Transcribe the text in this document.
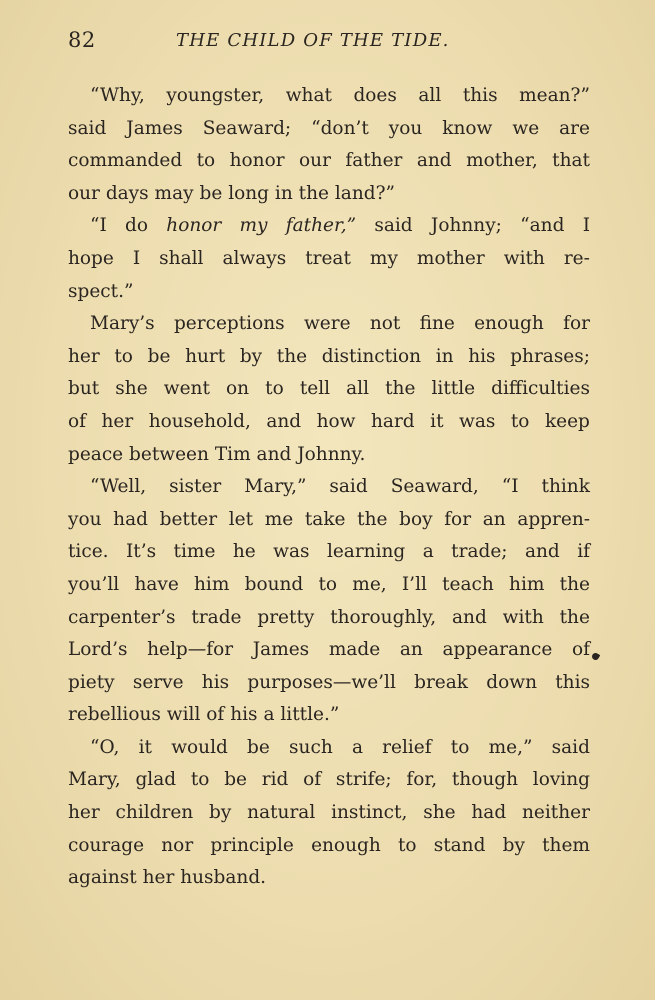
82	THE CHILD OF THE TIDE.
“Why, youngster, what does all this mean?”
said James Seaward; “don’t you know we are
commanded to honor our father and mother, that
our days may be long in the land?”
“I do honor my father,” said Johnny; “and I
hope I shall always treat my mother with re-
spect.”
Mary’s perceptions were not fine enough for
her to be hurt by the distinction in his phrases;
but she went on to tell all the little difficulties
of her household, and how hard it was to keep
peace between Tim and Johnny.
“Well, sister Mary,” said Seaward, “I think
you had better let me take the boy for an appren-
tice. It’s time he was learning a trade; and if
you’ll have him bound to me, I’ll teach him the
carpenter’s trade pretty thoroughly, and with the
Lord’s help—for James made an appearance of
piety serve his purposes—we’ll break down this
rebellious will of his a little.”
“O, it would be such a relief to me,” said
Mary, glad to be rid of strife; for, though loving
her children by natural instinct, she had neither
courage nor principle enough to stand by them
against her husband.
